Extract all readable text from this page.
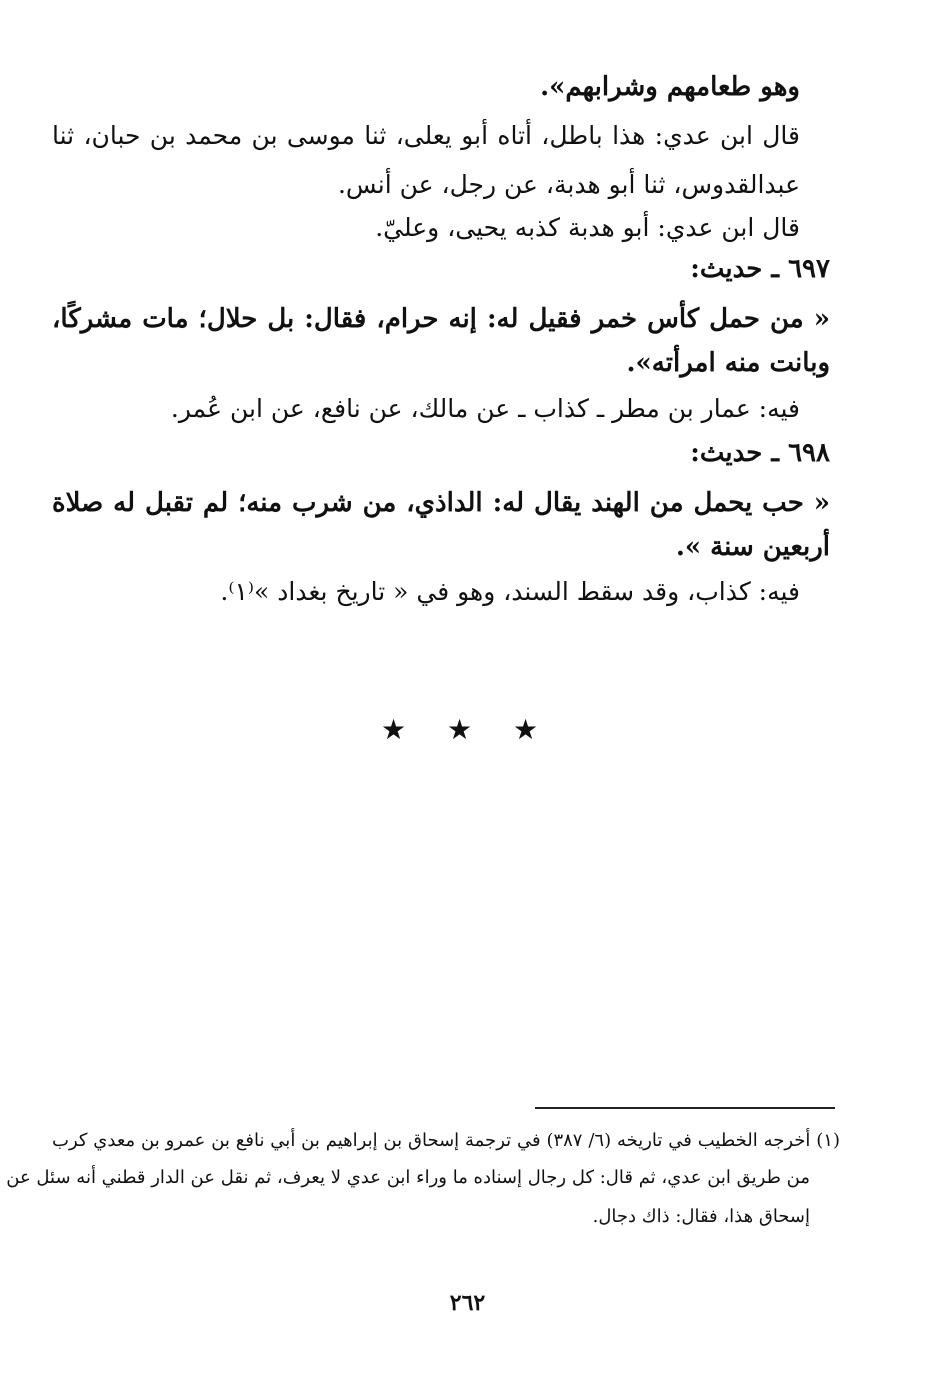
وهو طعامهم وشرابهم».
قال ابن عدي: هذا باطل، أتاه أبو يعلى، ثنا موسى بن محمد بن حبان، ثنا
عبدالقدوس، ثنا أبو هدبة، عن رجل، عن أنس.
قال ابن عدي: أبو هدبة كذبه يحيى، وعليّ.
٦٩٧ ـ حديث:
« من حمل كأس خمر فقيل له: إنه حرام، فقال: بل حلال؛ مات مشركًا،
وبانت منه امرأته».
فيه: عمار بن مطر ـ كذاب ـ عن مالك، عن نافع، عن ابن عُمر.
٦٩٨ ـ حديث:
« حب يحمل من الهند يقال له: الداذي، من شرب منه؛ لم تقبل له صلاة
أربعين سنة ».
فيه: كذاب، وقد سقط السند، وهو في « تاريخ بغداد »⁽١⁾.
★ ★ ★
(١) أخرجه الخطيب في تاريخه (٦/ ٣٨٧) في ترجمة إسحاق بن إبراهيم بن أبي نافع بن عمرو بن معدي كرب
من طريق ابن عدي، ثم قال: كل رجال إسناده ما وراء ابن عدي لا يعرف، ثم نقل عن الدار قطني أنه سئل عن
إسحاق هذا، فقال: ذاك دجال.
٢٦٢
